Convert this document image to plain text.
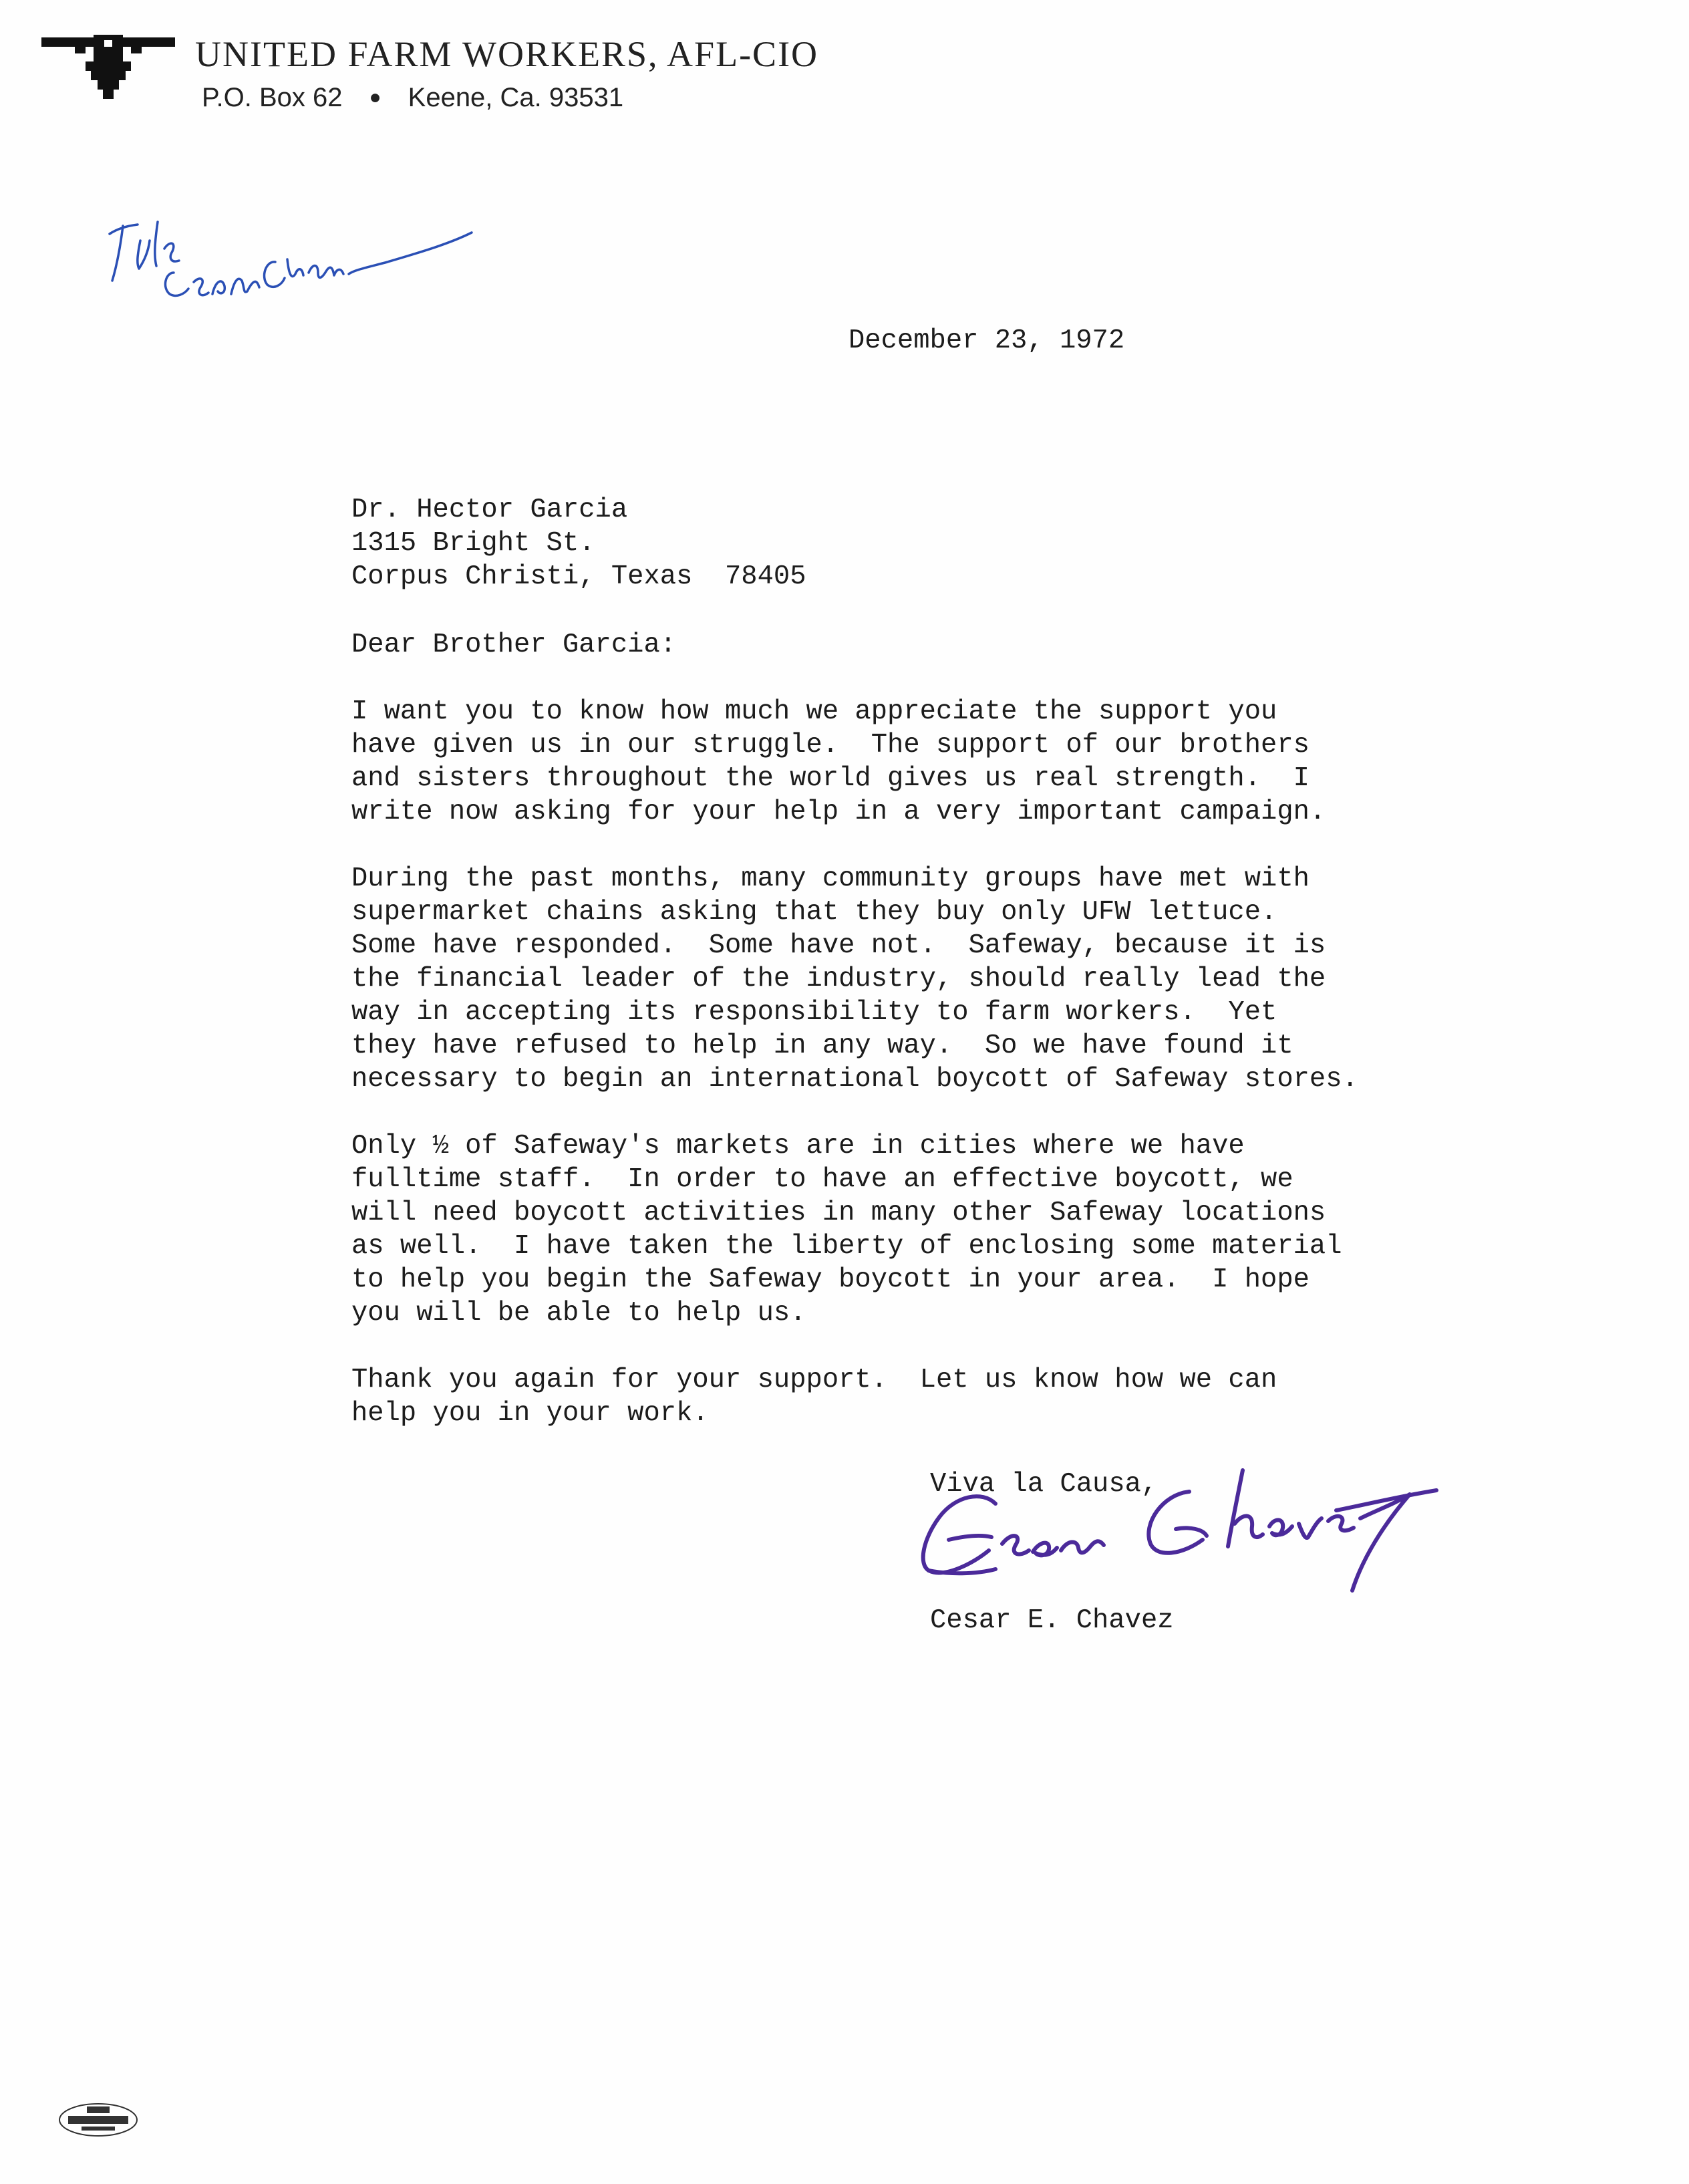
UNITED FARM WORKERS, AFL-CIO
P.O. Box 62 ● Keene, Ca. 93531
December 23, 1972
Dr. Hector Garcia
1315 Bright St.
Corpus Christi, Texas  78405
Dear Brother Garcia:
I want you to know how much we appreciate the support you
have given us in our struggle.  The support of our brothers
and sisters throughout the world gives us real strength.  I
write now asking for your help in a very important campaign.
During the past months, many community groups have met with
supermarket chains asking that they buy only UFW lettuce.
Some have responded.  Some have not.  Safeway, because it is
the financial leader of the industry, should really lead the
way in accepting its responsibility to farm workers.  Yet
they have refused to help in any way.  So we have found it
necessary to begin an international boycott of Safeway stores.
Only ½ of Safeway's markets are in cities where we have
fulltime staff.  In order to have an effective boycott, we
will need boycott activities in many other Safeway locations
as well.  I have taken the liberty of enclosing some material
to help you begin the Safeway boycott in your area.  I hope
you will be able to help us.
Thank you again for your support.  Let us know how we can
help you in your work.
Viva la Causa,
Cesar E. Chavez
